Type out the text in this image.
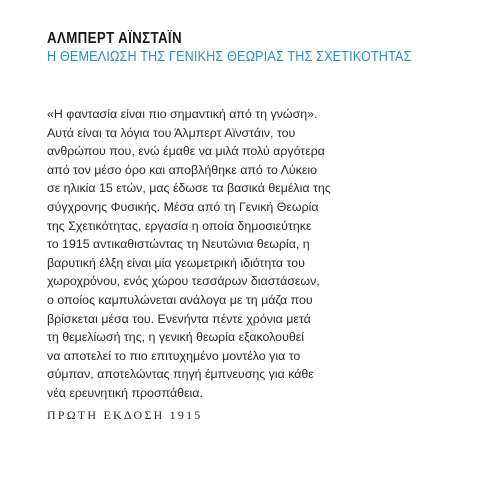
ΑΛΜΠΕΡΤ ΑΪΝΣΤΑΪΝ
Η ΘΕΜΕΛΙΩΣΗ ΤΗΣ ΓΕΝΙΚΗΣ ΘΕΩΡΙΑΣ ΤΗΣ ΣΧΕΤΙΚΟΤΗΤΑΣ
«Η φαντασία είναι πιο σημαντική από τη γνώση».
Αυτά είναι τα λόγια του Άλμπερτ Αϊνστάιν, του
ανθρώπου που, ενώ έμαθε να μιλά πολύ αργότερα
από τον μέσο όρο και αποβλήθηκε από το Λύκειο
σε ηλικία 15 ετών, μας έδωσε τα βασικά θεμέλια της
σύγχρονης Φυσικής. Μέσα από τη Γενική Θεωρία
της Σχετικότητας, εργασία η οποία δημοσιεύτηκε
το 1915 αντικαθιστώντας τη Νευτώνια θεωρία, η
βαρυτική έλξη είναι μία γεωμετρική ιδιότητα του
χωροχρόνου, ενός χώρου τεσσάρων διαστάσεων,
ο οποίος καμπυλώνεται ανάλογα με τη μάζα που
βρίσκεται μέσα του. Ενενήντα πέντε χρόνια μετά
τη θεμελίωσή της, η γενική θεωρία εξακολουθεί
να αποτελεί το πιο επιτυχημένο μοντέλο για το
σύμπαν, αποτελώντας πηγή έμπνευσης για κάθε
νέα ερευνητική προσπάθεια.

ΠΡΩΤΗ ΕΚΔΟΣΗ 1915
